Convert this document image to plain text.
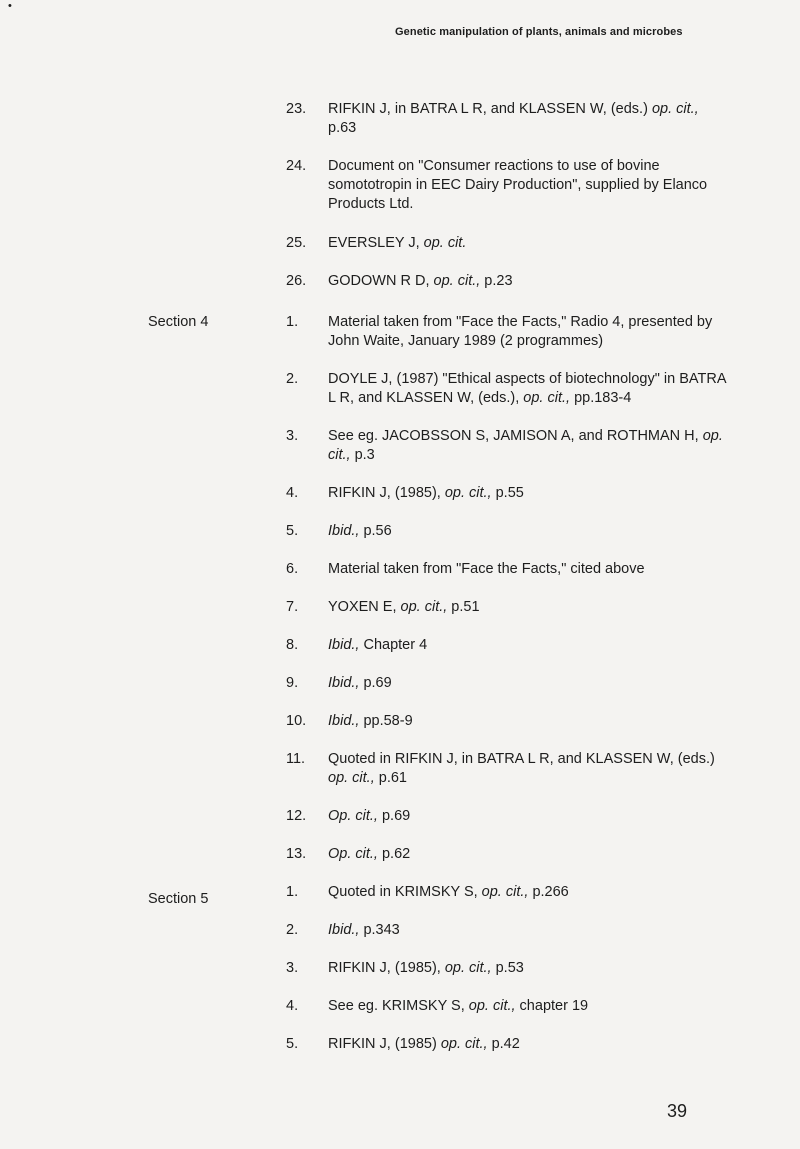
•
Genetic manipulation of plants, animals and microbes
Section 4
Section 5
23. RIFKIN J, in BATRA L R, and KLASSEN W, (eds.) op. cit., p.63
24. Document on "Consumer reactions to use of bovine somototropin in EEC Dairy Production", supplied by Elanco Products Ltd.
25. EVERSLEY J, op. cit.
26. GODOWN R D, op. cit., p.23
1. Material taken from "Face the Facts," Radio 4, presented by John Waite, January 1989 (2 programmes)
2. DOYLE J, (1987) "Ethical aspects of biotechnology" in BATRA L R, and KLASSEN W, (eds.), op. cit., pp.183-4
3. See eg. JACOBSSON S, JAMISON A, and ROTHMAN H, op. cit., p.3
4. RIFKIN J, (1985), op. cit., p.55
5. Ibid., p.56
6. Material taken from "Face the Facts," cited above
7. YOXEN E, op. cit., p.51
8. Ibid., Chapter 4
9. Ibid., p.69
10. Ibid., pp.58-9
11. Quoted in RIFKIN J, in BATRA L R, and KLASSEN W, (eds.) op. cit., p.61
12. Op. cit., p.69
13. Op. cit., p.62
1. Quoted in KRIMSKY S, op. cit., p.266
2. Ibid., p.343
3. RIFKIN J, (1985), op. cit., p.53
4. See eg. KRIMSKY S, op. cit., chapter 19
5. RIFKIN J, (1985) op. cit., p.42
39
